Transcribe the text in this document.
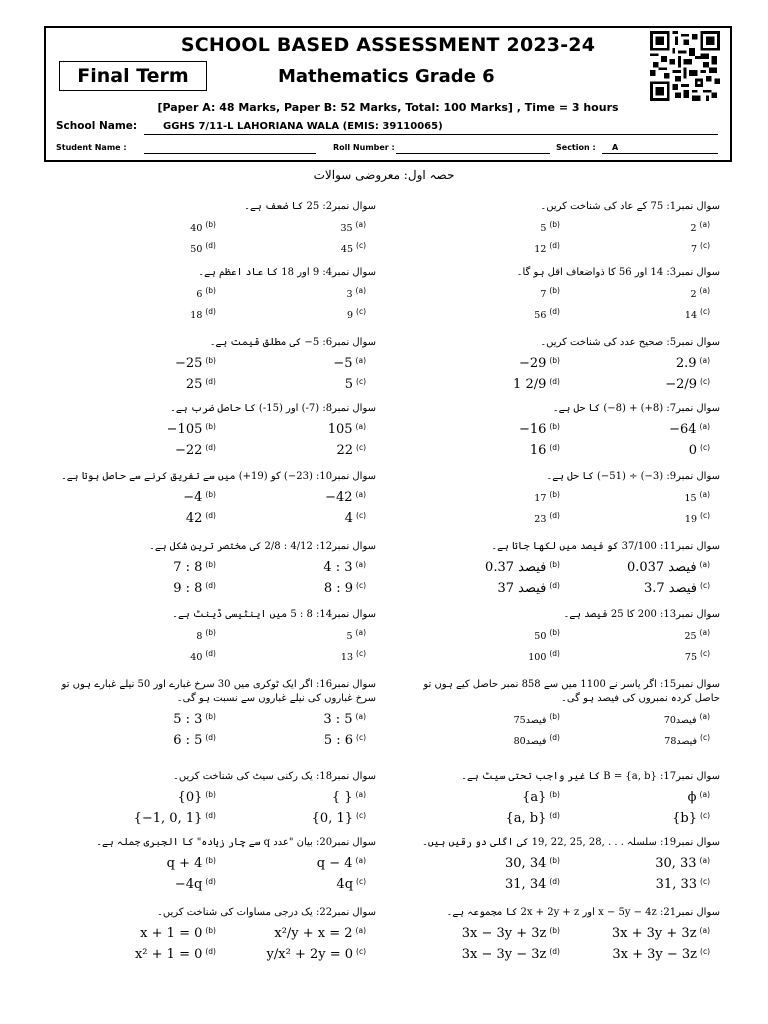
SCHOOL BASED ASSESSMENT 2023-24
Final Term	Mathematics Grade 6
[Paper A: 48 Marks, Paper B: 52 Marks, Total: 100 Marks] , Time = 3 hours
School Name:	GGHS 7/11-L LAHORIANA WALA (EMIS: 39110065)
Student Name :	Roll Number :	Section : A
حصہ اول: معروضی سوالات
سوال نمبر1: 75 کے عاد کی شناخت کریں۔
2 $^{(a)}$
5 $^{(b)}$
7 $^{(c)}$
12 $^{(d)}$
سوال نمبر2: 25 کا ضعف ہے۔
35 $^{(a)}$
40 $^{(b)}$
45 $^{(c)}$
50 $^{(d)}$
سوال نمبر3: 14 اور 56 کا ذواضعاف اقل ہو گا۔
2 $^{(a)}$
7 $^{(b)}$
14 $^{(c)}$
56 $^{(d)}$
سوال نمبر4: 9 اور 18 کا عاد اعظم ہے۔
3 $^{(a)}$
6 $^{(b)}$
9 $^{(c)}$
18 $^{(d)}$
سوال نمبر5: صحیح عدد کی شناخت کریں۔
2.9 $^{(a)}$
−29 $^{(b)}$
−2/9 $^{(c)}$
1 2/9 $^{(d)}$
سوال نمبر6: 5− کی مطلق قیمت ہے۔
−5 $^{(a)}$
−25 $^{(b)}$
5 $^{(c)}$
25 $^{(d)}$
سوال نمبر7: (8+) + (8−) کا حل ہے۔
−64 $^{(a)}$
−16 $^{(b)}$
0 $^{(c)}$
16 $^{(d)}$
سوال نمبر8: (7-) اور (15-) کا حاصل ضرب ہے۔
105 $^{(a)}$
−105 $^{(b)}$
22 $^{(c)}$
−22 $^{(d)}$
سوال نمبر9: (3−) ÷ (51−) کا حل ہے۔
15 $^{(a)}$
17 $^{(b)}$
19 $^{(c)}$
23 $^{(d)}$
سوال نمبر10: (23−) کو (19+) میں سے تفریق کرنے سے حاصل ہوتا ہے۔
−42 $^{(a)}$
−4 $^{(b)}$
4 $^{(c)}$
42 $^{(d)}$
سوال نمبر11: 37/100 کو فیصد میں لکھا جاتا ہے۔
فیصد 0.037 $^{(a)}$
فیصد 0.37 $^{(b)}$
3.7 فیصد $^{(c)}$
فیصد 37 $^{(d)}$
سوال نمبر12: 4/12 : 2/8 کی مختصر ترین شکل ہے۔
4 : 3 $^{(a)}$
7 : 8 $^{(b)}$
8 : 9 $^{(c)}$
9 : 8 $^{(d)}$
سوال نمبر13: 200 کا 25 فیصد ہے۔
25 $^{(a)}$
50 $^{(b)}$
75 $^{(c)}$
100 $^{(d)}$
سوال نمبر14: 8 : 5 میں اینٹیسی ڈینٹ ہے۔
5 $^{(a)}$
8 $^{(b)}$
13 $^{(c)}$
40 $^{(d)}$
سوال نمبر15: اگر یاسر نے 1100 میں سے 858 نمبر حاصل کیے ہوں تو حاصل کردہ نمبروں کی فیصد ہو گی۔
فیصد70 $^{(a)}$
فیصد75 $^{(b)}$
فیصد78 $^{(c)}$
فیصد80 $^{(d)}$
سوال نمبر16: اگر ایک ٹوکری میں 30 سرخ غبارے اور 50 نیلے غبارے ہوں تو سرخ غباروں کی نیلے غباروں سے نسبت ہو گی۔
3 : 5 $^{(a)}$
5 : 3 $^{(b)}$
5 : 6 $^{(c)}$
6 : 5 $^{(d)}$
سوال نمبر17: B = {a, b} کا غیر واجب تحتی سیٹ ہے۔
ϕ $^{(a)}$
{a} $^{(b)}$
{b} $^{(c)}$
{a, b} $^{(d)}$
سوال نمبر18: یک رکنی سیٹ کی شناخت کریں۔
{ } $^{(a)}$
{0} $^{(b)}$
{0, 1} $^{(c)}$
{−1, 0, 1} $^{(d)}$
سوال نمبر19: سلسلہ . . . ,28 ,25 ,22 ,19 کی اگلی دو رقیں ہیں۔
30, 33 $^{(a)}$
30, 34 $^{(b)}$
31, 33 $^{(c)}$
31, 34 $^{(d)}$
سوال نمبر20: بیان "عدد q سے چار زیادہ" کا الجبری جملہ ہے۔
q − 4 $^{(a)}$
q + 4 $^{(b)}$
4q $^{(c)}$
−4q $^{(d)}$
سوال نمبر21: x − 5y − 4z اور 2x + 2y + z کا مجموعہ ہے۔
3x + 3y + 3z $^{(a)}$
3x − 3y + 3z $^{(b)}$
3x + 3y − 3z $^{(c)}$
3x − 3y − 3z $^{(d)}$
سوال نمبر22: یک درجی مساوات کی شناخت کریں۔
x²/y + x = 2 $^{(a)}$
x + 1 = 0 $^{(b)}$
y/x² + 2y = 0 $^{(c)}$
x² + 1 = 0 $^{(d)}$
